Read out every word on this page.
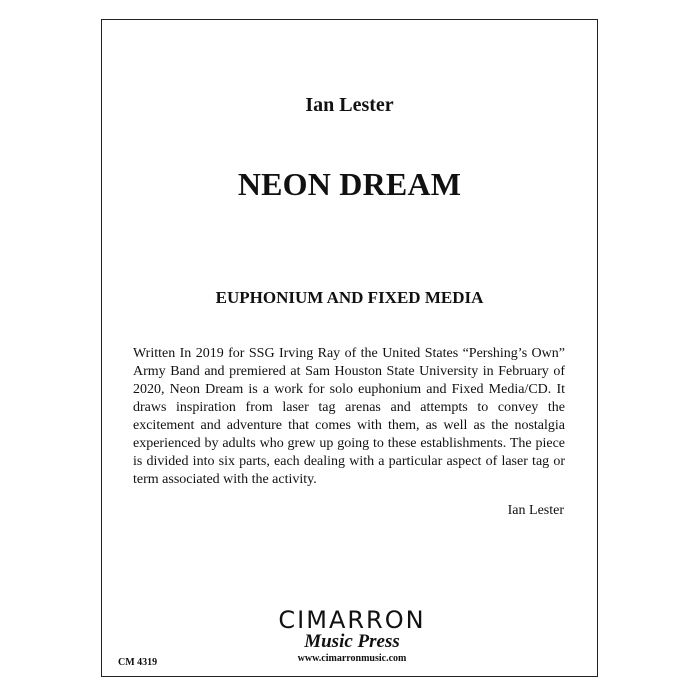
Ian Lester
NEON DREAM
EUPHONIUM AND FIXED MEDIA

Written In 2019 for SSG Irving Ray of the United States “Pershing’s Own” Army Band and premiered at Sam Houston State University in February of 2020, Neon Dream is a work for solo euphonium and Fixed Media/CD. It draws inspiration from laser tag arenas and attempts to convey the excitement and adventure that comes with them, as well as the nostalgia experienced by adults who grew up going to these establishments. The piece is divided into six parts, each dealing with a particular aspect of laser tag or term associated with the activity.

Ian Lester
CIMARRON
Music Press
www.cimarronmusic.com
CM 4319
